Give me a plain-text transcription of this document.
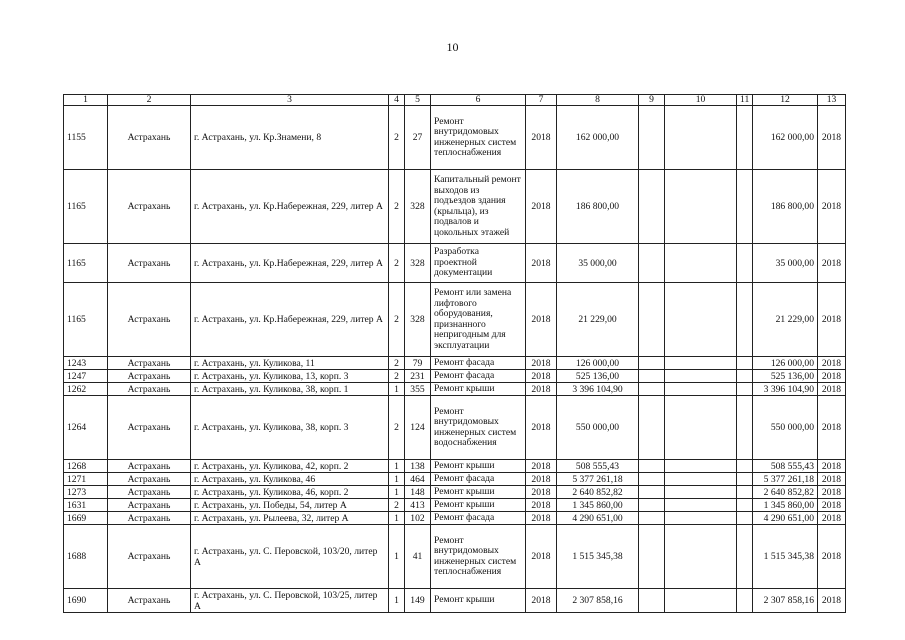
10
1	2	3	4	5	6	7	8	9	10	11	12	13
1155	Астрахань	г. Астрахань, ул. Кр.Знамени, 8	2	27	Ремонт внутридомовых инженерных систем теплоснабжения	2018	162 000,00				162 000,00	2018
1165	Астрахань	г. Астрахань, ул. Кр.Набережная, 229, литер А	2	328	Капитальный ремонт выходов из подъездов здания (крыльца), из подвалов и цокольных этажей	2018	186 800,00				186 800,00	2018
1165	Астрахань	г. Астрахань, ул. Кр.Набережная, 229, литер А	2	328	Разработка проектной документации	2018	35 000,00				35 000,00	2018
1165	Астрахань	г. Астрахань, ул. Кр.Набережная, 229, литер А	2	328	Ремонт или замена лифтового оборудования, признанного непригодным для эксплуатации	2018	21 229,00				21 229,00	2018
1243	Астрахань	г. Астрахань, ул. Куликова, 11	2	79	Ремонт фасада	2018	126 000,00				126 000,00	2018
1247	Астрахань	г. Астрахань, ул. Куликова, 13, корп. 3	2	231	Ремонт фасада	2018	525 136,00				525 136,00	2018
1262	Астрахань	г. Астрахань, ул. Куликова, 38, корп. 1	1	355	Ремонт крыши	2018	3 396 104,90				3 396 104,90	2018
1264	Астрахань	г. Астрахань, ул. Куликова, 38, корп. 3	2	124	Ремонт внутридомовых инженерных систем водоснабжения	2018	550 000,00				550 000,00	2018
1268	Астрахань	г. Астрахань, ул. Куликова, 42, корп. 2	1	138	Ремонт крыши	2018	508 555,43				508 555,43	2018
1271	Астрахань	г. Астрахань, ул. Куликова, 46	1	464	Ремонт фасада	2018	5 377 261,18				5 377 261,18	2018
1273	Астрахань	г. Астрахань, ул. Куликова, 46, корп. 2	1	148	Ремонт крыши	2018	2 640 852,82				2 640 852,82	2018
1631	Астрахань	г. Астрахань, ул. Победы, 54, литер А	2	413	Ремонт крыши	2018	1 345 860,00				1 345 860,00	2018
1669	Астрахань	г. Астрахань, ул. Рылеева, 32, литер А	1	102	Ремонт фасада	2018	4 290 651,00				4 290 651,00	2018
1688	Астрахань	г. Астрахань, ул. С. Перовской, 103/20, литер А	1	41	Ремонт внутридомовых инженерных систем теплоснабжения	2018	1 515 345,38				1 515 345,38	2018
1690	Астрахань	г. Астрахань, ул. С. Перовской, 103/25, литер А	1	149	Ремонт крыши	2018	2 307 858,16				2 307 858,16	2018
